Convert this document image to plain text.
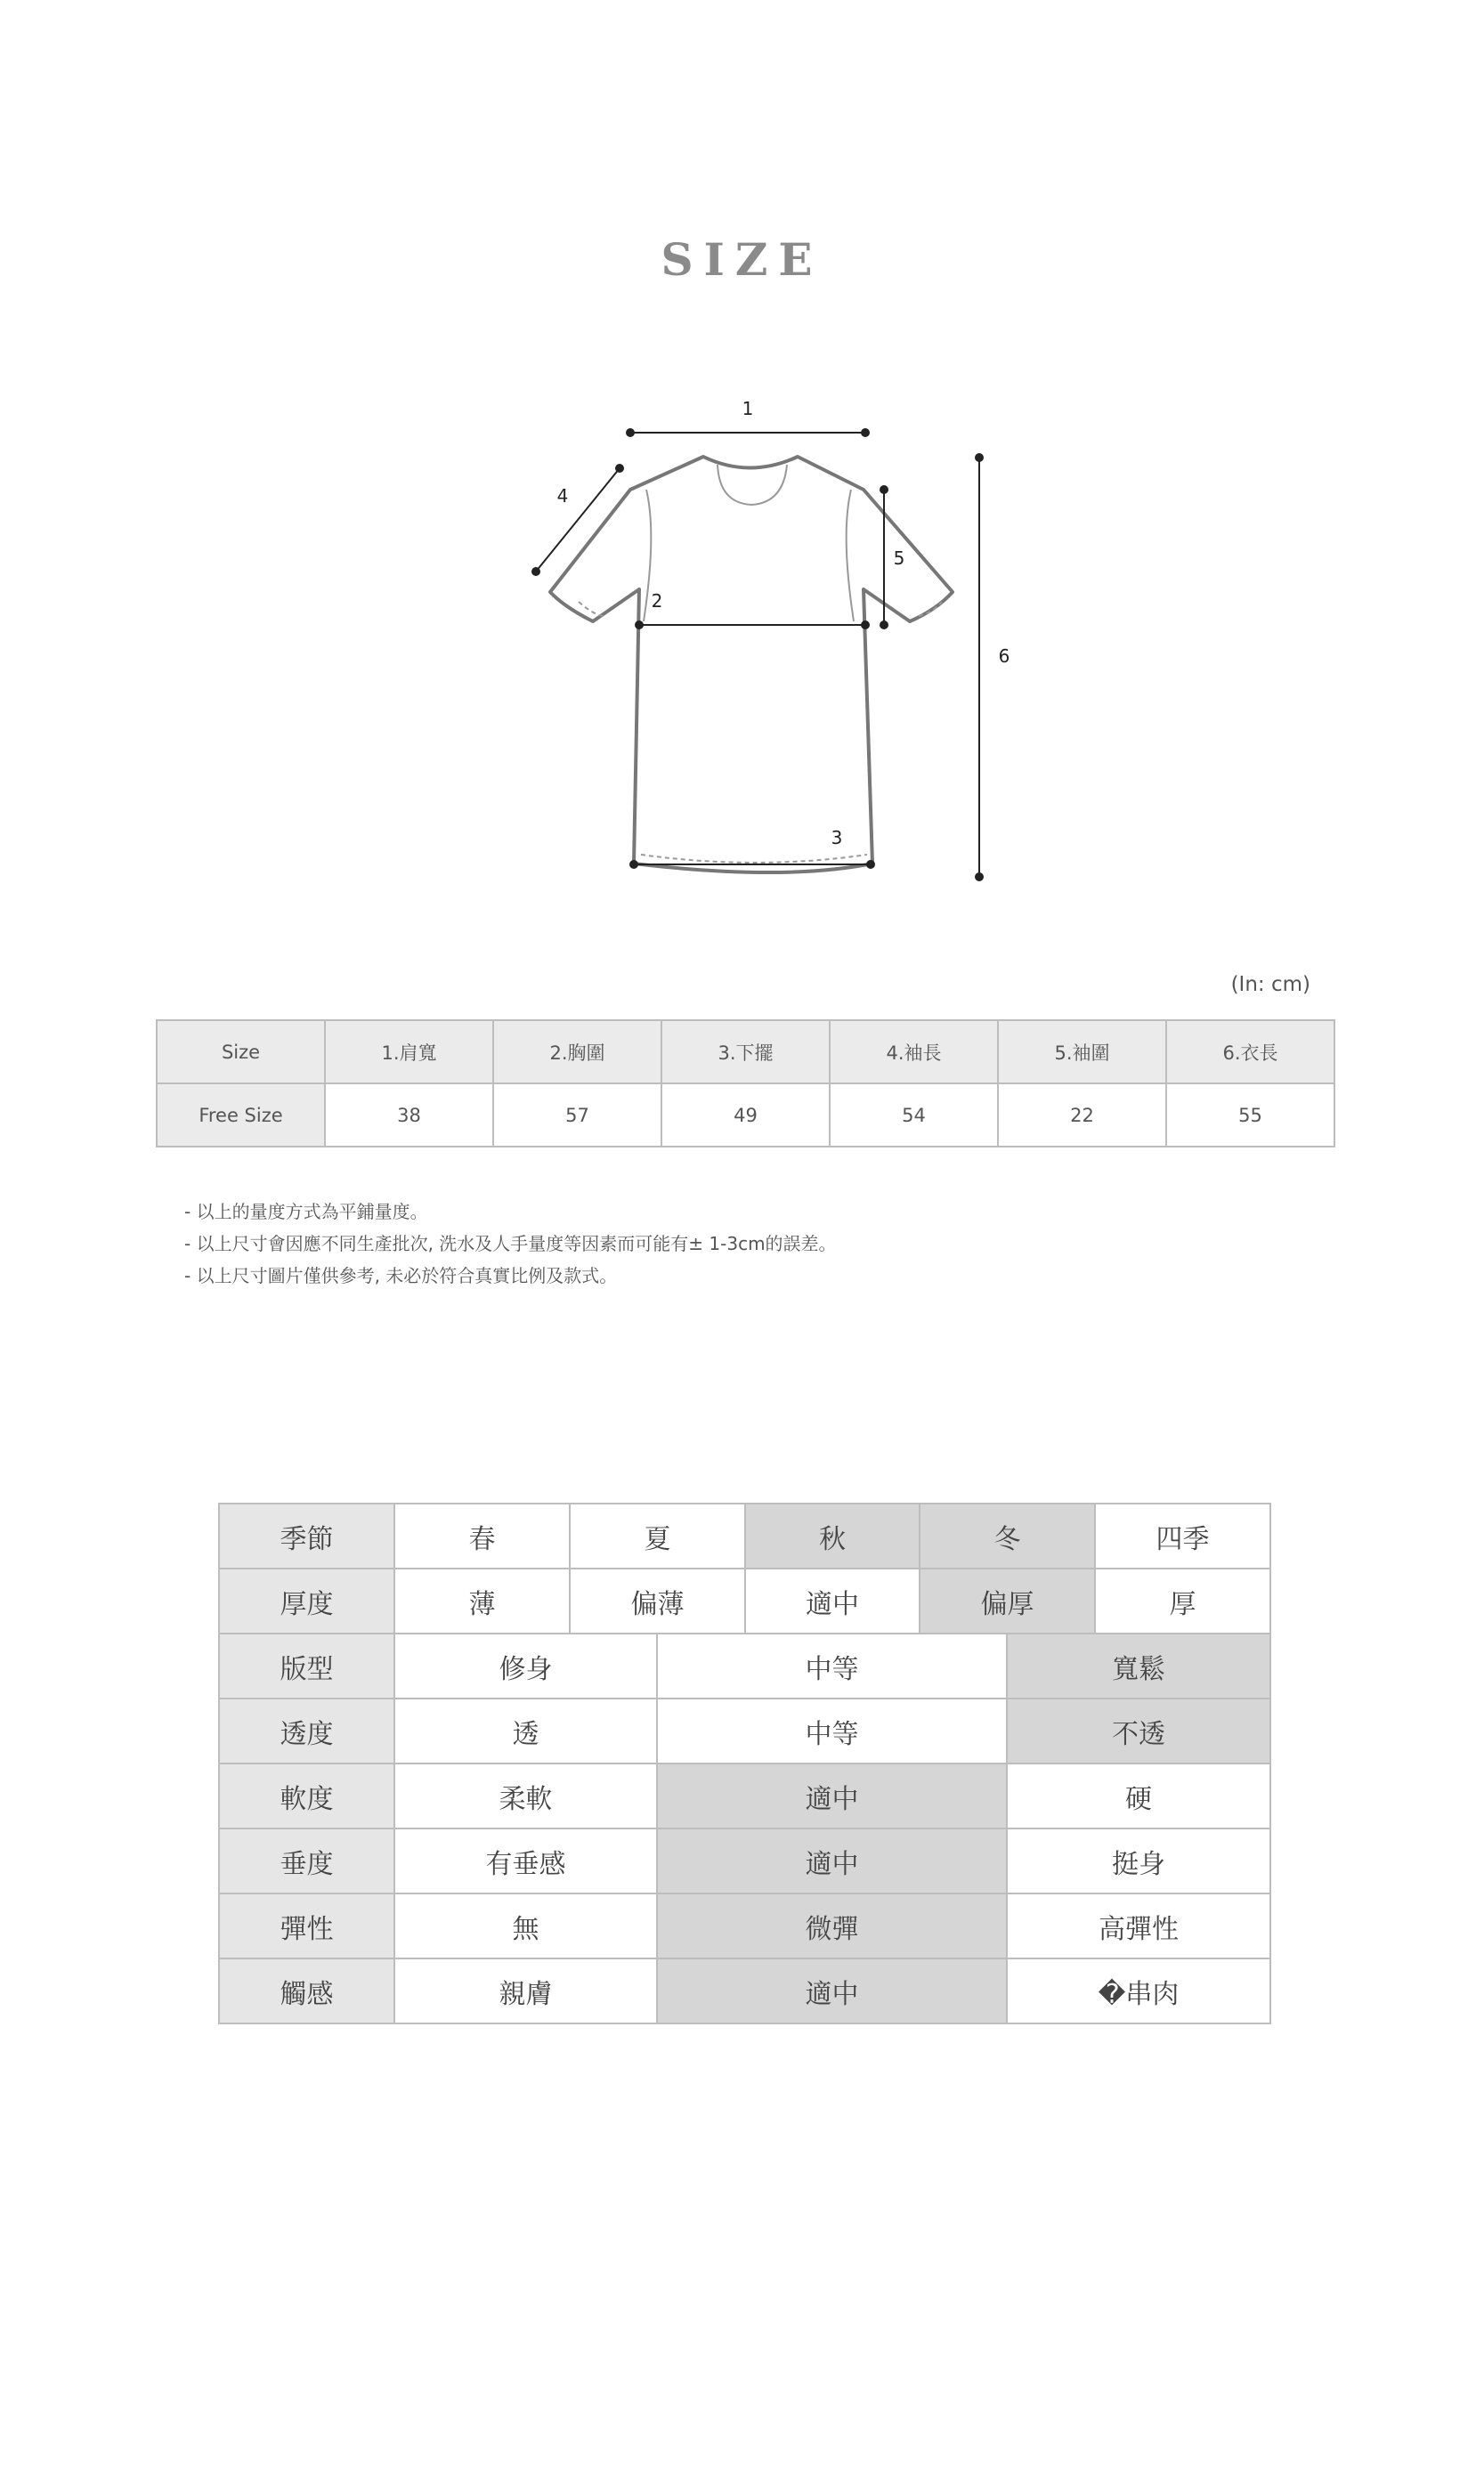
SIZE
1
2
3
4
5
6
(In: cm)
Size	1.肩寬	2.胸圍	3.下擺	4.袖長	5.袖圍	6.衣長
Free Size	38	57	49	54	22	55
- 以上的量度方式為平鋪量度。
- 以上尺寸會因應不同生產批次, 洗水及人手量度等因素而可能有± 1-3cm的誤差。
- 以上尺寸圖片僅供參考, 未必於符合真實比例及款式。
季節	春	夏		秋	冬		四季
厚度	薄	偏薄		適中	偏厚		厚
版型	修身		中等			寬鬆	
透度	透		中等			不透	
軟度	柔軟		適中			硬	
垂度	有垂感		適中			挺身	
彈性	無		微彈			高彈性	
觸感	親膚		適中			�串肉	
